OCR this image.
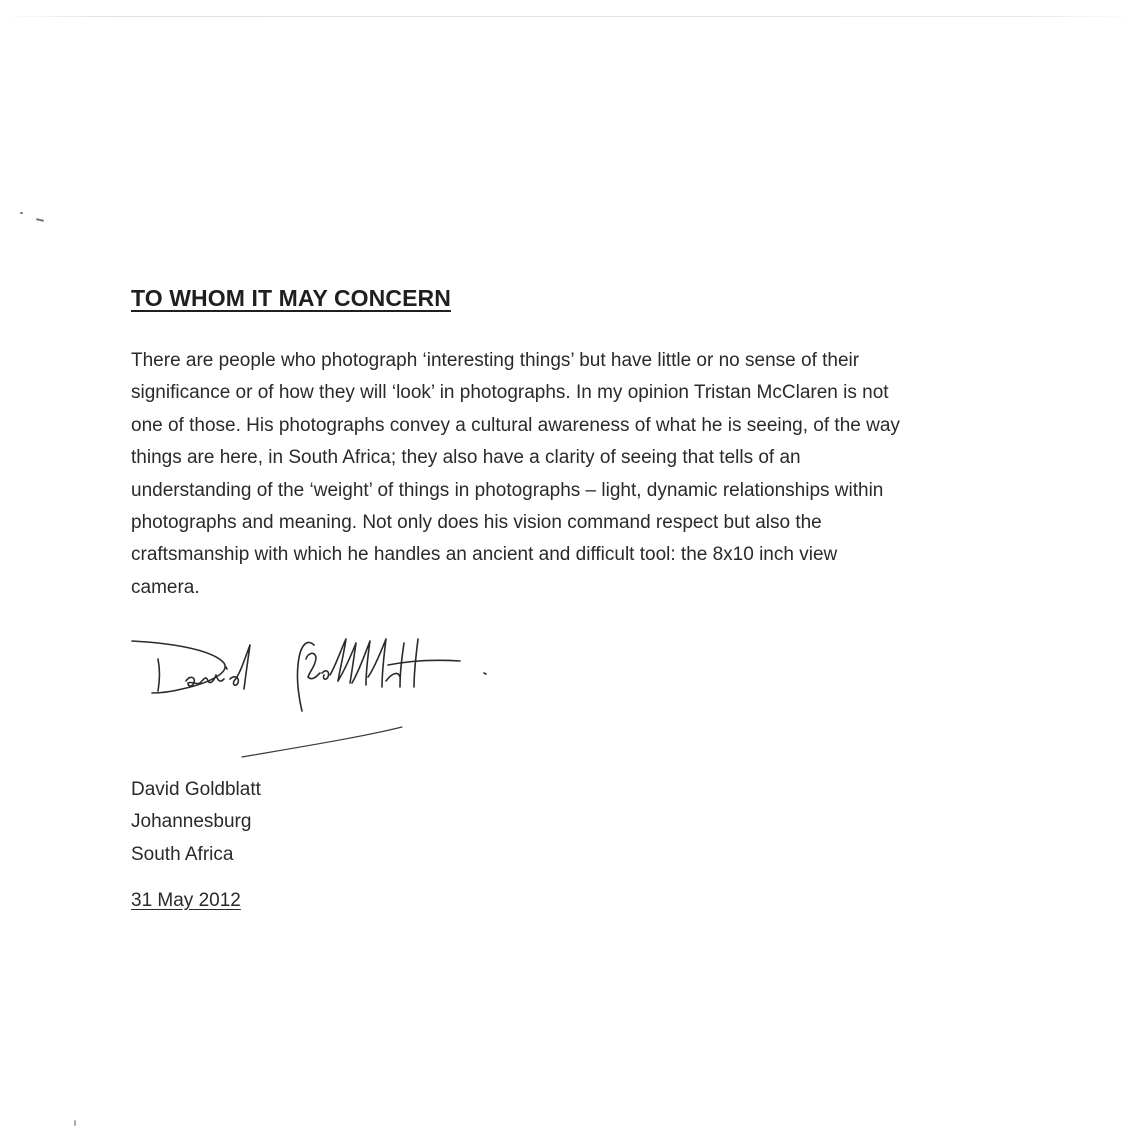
TO WHOM IT MAY CONCERN
There are people who photograph ‘interesting things’ but have little or no sense of their
significance or of how they will ‘look’ in photographs. In my opinion Tristan McClaren is not
one of those. His photographs convey a cultural awareness of what he is seeing, of the way
things are here, in South Africa; they also have a clarity of seeing that tells of an
understanding of the ‘weight’ of things in photographs – light, dynamic relationships within
photographs and meaning. Not only does his vision command respect but also the
craftsmanship with which he handles an ancient and difficult tool: the 8x10 inch view
camera.
David Goldblatt
Johannesburg
South Africa
31 May 2012
